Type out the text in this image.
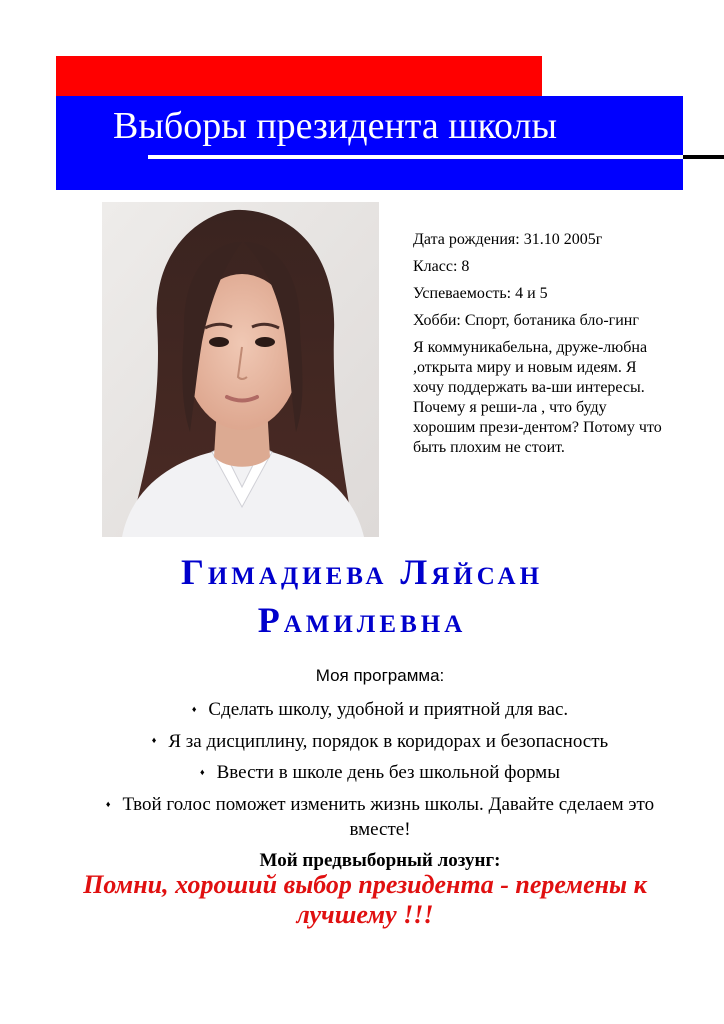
Выборы президента школы

Дата рождения: 31.10 2005г

Класс: 8

Успеваемость: 4 и 5

Хобби: Спорт, ботаника бло-гинг

Я коммуникабельна, друже-любна ,открыта миру и новым идеям. Я хочу поддержать ва-ши интересы. Почему я реши-ла , что буду хорошим прези-дентом? Потому что быть плохим не стоит.

Гимадиева Ляйсан
Рамилевна

Моя программа:

♦ Сделать школу, удобной и приятной для вас.
♦ Я за дисциплину, порядок в коридорах и безопасность
♦ Ввести в школе день без школьной формы
♦ Твой голос поможет изменить жизнь школы. Давайте сделаем это вместе!

Мой предвыборный лозунг:

Помни, хороший выбор президента - перемены к лучшему !!!
